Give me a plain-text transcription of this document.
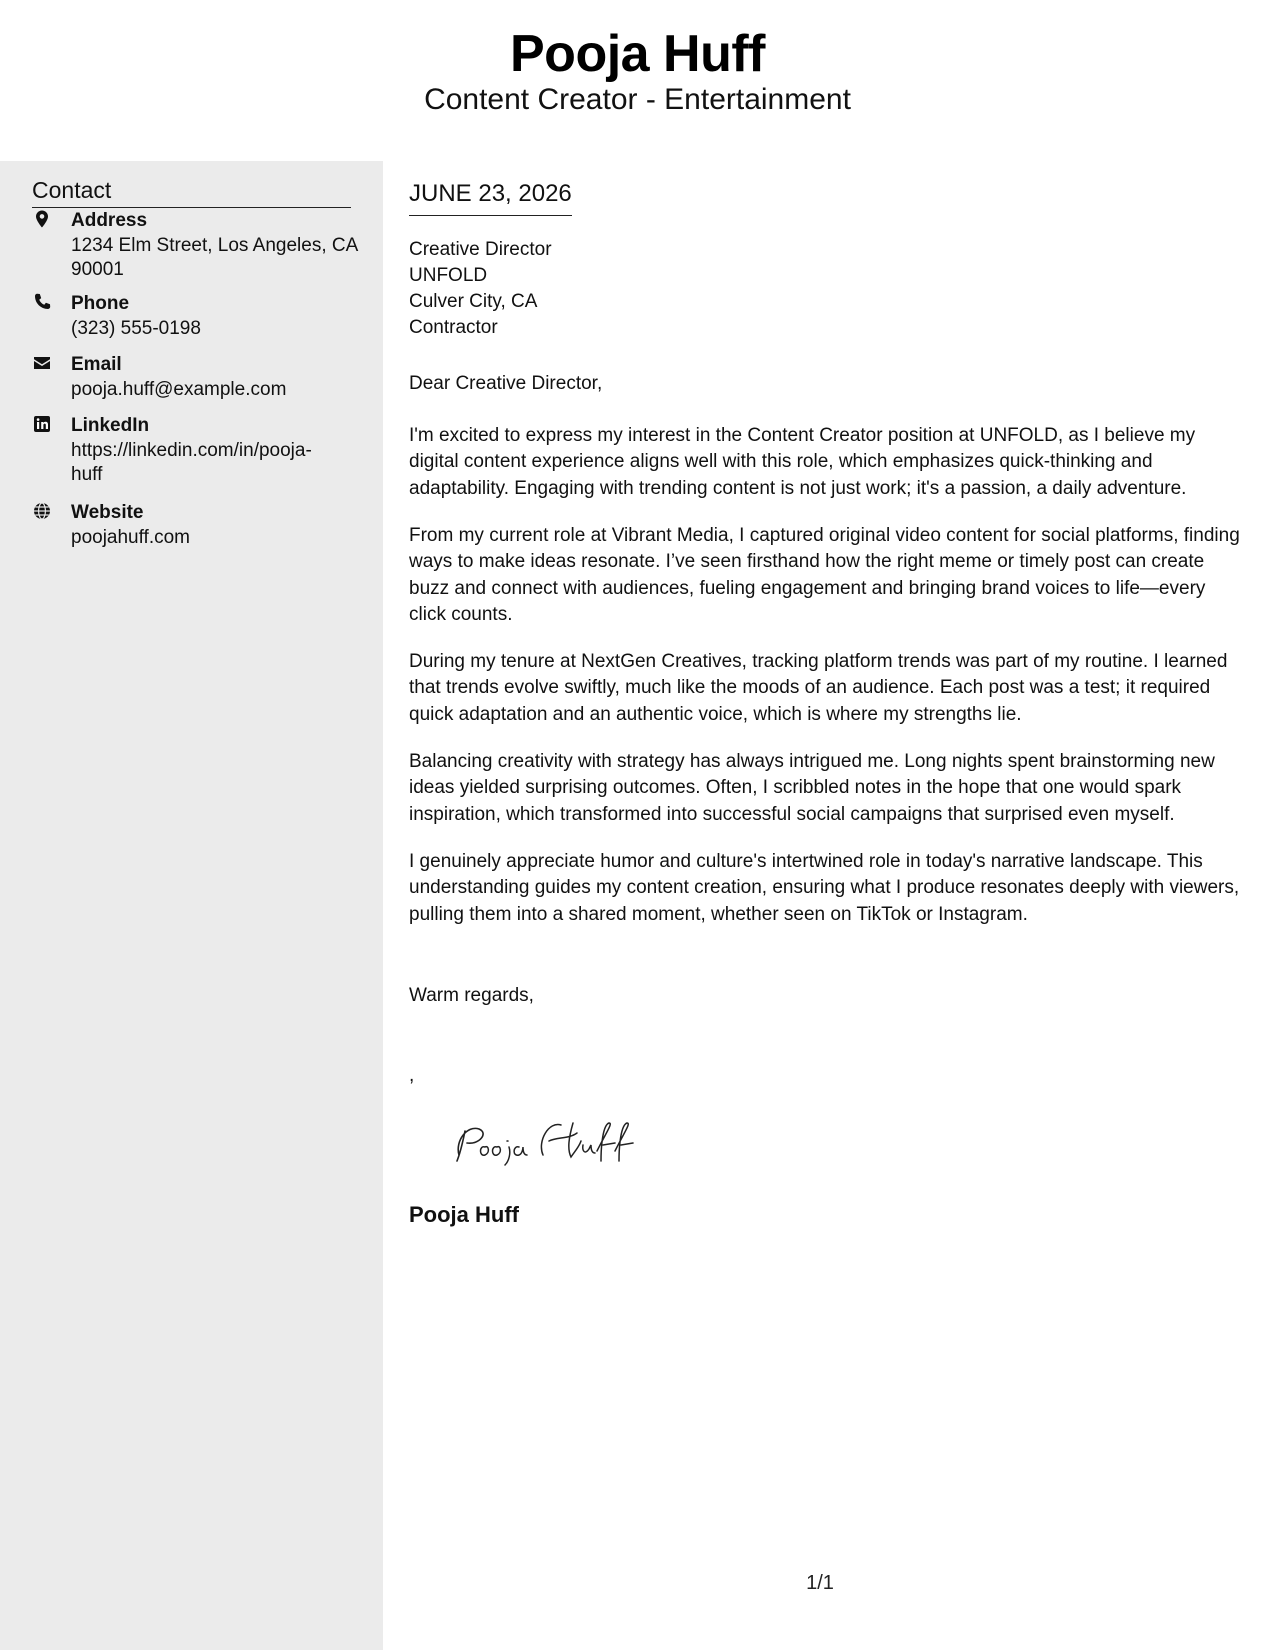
Pooja Huff
Content Creator - Entertainment
Contact
Address
1234 Elm Street, Los Angeles, CA 90001
Phone
(323) 555-0198
Email
pooja.huff@example.com
LinkedIn
https://linkedin.com/in/pooja-huff
Website
poojahuff.com
JUNE 23, 2026
Creative Director
UNFOLD
Culver City, CA
Contractor
Dear Creative Director,
I'm excited to express my interest in the Content Creator position at UNFOLD, as I believe my digital content experience aligns well with this role, which emphasizes quick-thinking and adaptability. Engaging with trending content is not just work; it's a passion, a daily adventure.
From my current role at Vibrant Media, I captured original video content for social platforms, finding ways to make ideas resonate. I’ve seen firsthand how the right meme or timely post can create buzz and connect with audiences, fueling engagement and bringing brand voices to life—every click counts.
During my tenure at NextGen Creatives, tracking platform trends was part of my routine. I learned that trends evolve swiftly, much like the moods of an audience. Each post was a test; it required quick adaptation and an authentic voice, which is where my strengths lie.
Balancing creativity with strategy has always intrigued me. Long nights spent brainstorming new ideas yielded surprising outcomes. Often, I scribbled notes in the hope that one would spark inspiration, which transformed into successful social campaigns that surprised even myself.
I genuinely appreciate humor and culture's intertwined role in today's narrative landscape. This understanding guides my content creation, ensuring what I produce resonates deeply with viewers, pulling them into a shared moment, whether seen on TikTok or Instagram.
Warm regards,
,
Pooja Huff
1/1
